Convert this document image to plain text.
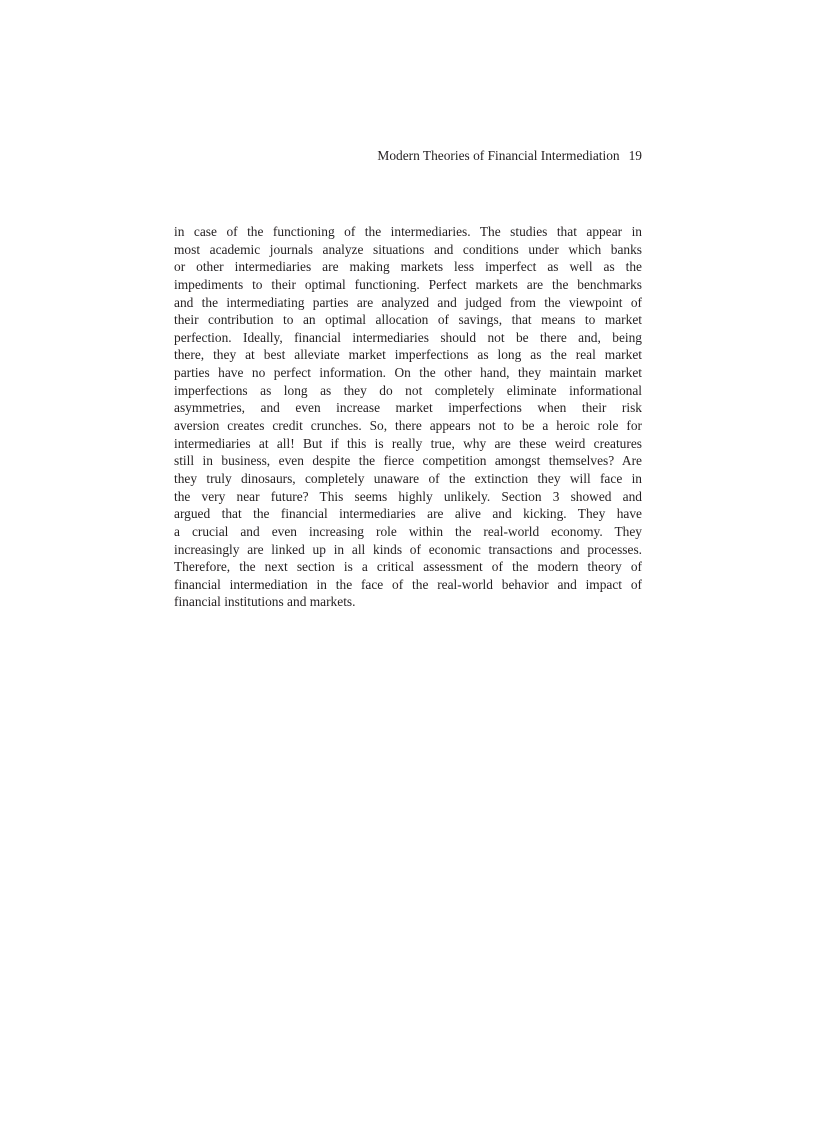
Modern Theories of Financial Intermediation 19
in case of the functioning of the intermediaries. The studies that appear in
most academic journals analyze situations and conditions under which banks
or other intermediaries are making markets less imperfect as well as the
impediments to their optimal functioning. Perfect markets are the benchmarks
and the intermediating parties are analyzed and judged from the viewpoint of
their contribution to an optimal allocation of savings, that means to market
perfection. Ideally, financial intermediaries should not be there and, being
there, they at best alleviate market imperfections as long as the real market
parties have no perfect information. On the other hand, they maintain market
imperfections as long as they do not completely eliminate informational
asymmetries, and even increase market imperfections when their risk
aversion creates credit crunches. So, there appears not to be a heroic role for
intermediaries at all! But if this is really true, why are these weird creatures
still in business, even despite the fierce competition amongst themselves? Are
they truly dinosaurs, completely unaware of the extinction they will face in
the very near future? This seems highly unlikely. Section 3 showed and
argued that the financial intermediaries are alive and kicking. They have
a crucial and even increasing role within the real-world economy. They
increasingly are linked up in all kinds of economic transactions and processes.
Therefore, the next section is a critical assessment of the modern theory of
financial intermediation in the face of the real-world behavior and impact of
financial institutions and markets.
